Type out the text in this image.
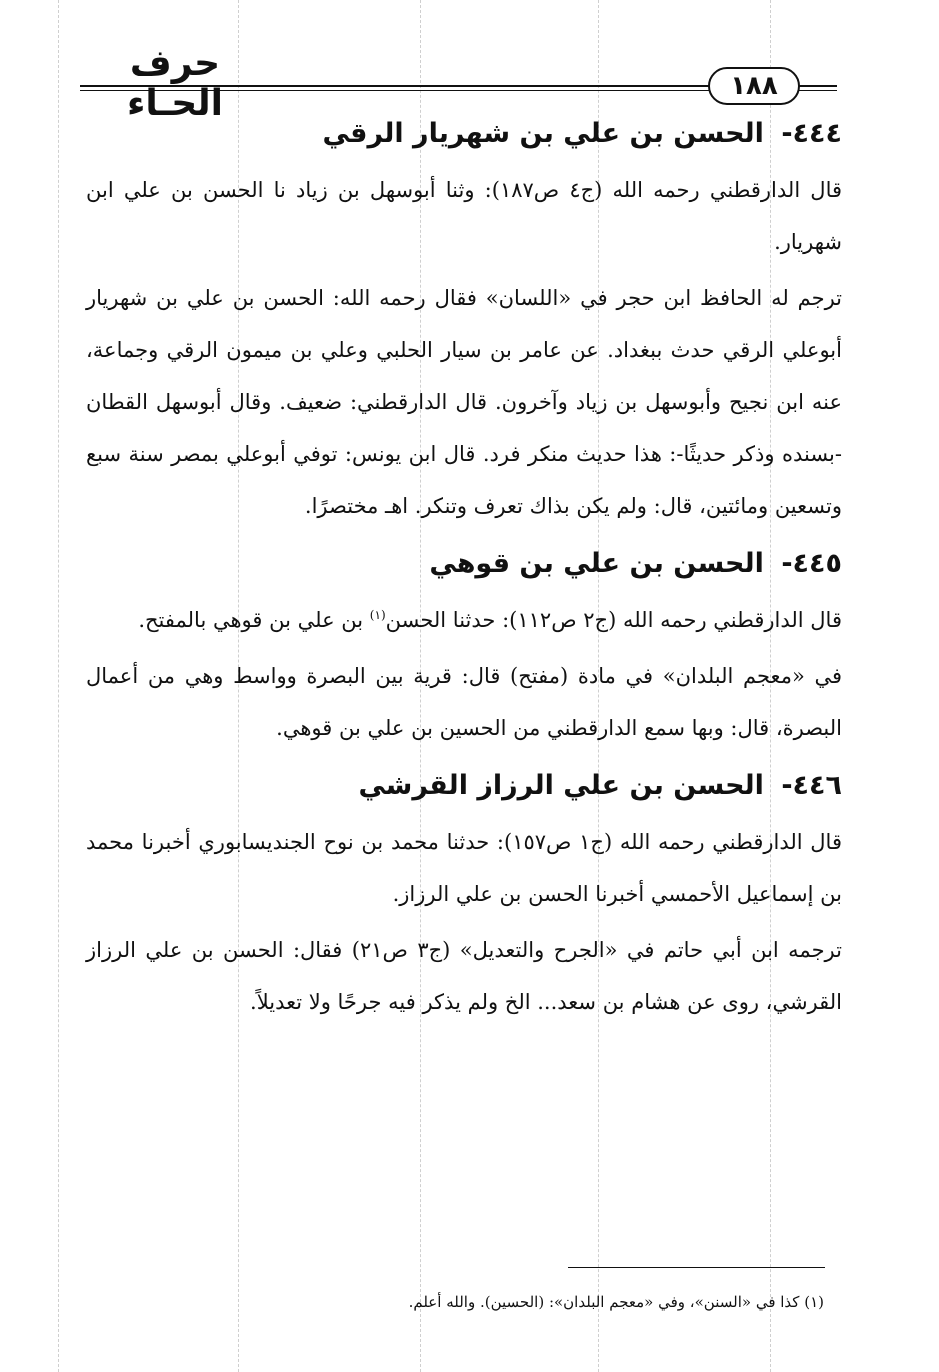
حرف الحـاء	١٨٨
٤٤٤- الحسن بن علي بن شهريار الرقي

قال الدارقطني رحمه الله (ج٤ ص١٨٧): وثنا أبوسهل بن زياد نا الحسن بن علي ابن شهريار.

ترجم له الحافظ ابن حجر في «اللسان» فقال رحمه الله: الحسن بن علي بن شهريار أبوعلي الرقي حدث ببغداد. عن عامر بن سيار الحلبي وعلي بن ميمون الرقي وجماعة، عنه ابن نجيح وأبوسهل بن زياد وآخرون. قال الدارقطني: ضعيف. وقال أبوسهل القطان -بسنده وذكر حديثًا-: هذا حديث منكر فرد. قال ابن يونس: توفي أبوعلي بمصر سنة سبع وتسعين ومائتين، قال: ولم يكن بذاك تعرف وتنكر. اهـ مختصرًا.

٤٤٥- الحسن بن علي بن قوهي

قال الدارقطني رحمه الله (ج٢ ص١١٢): حدثنا الحسن$^{(١)}$ بن علي بن قوهي بالمفتح.

في «معجم البلدان» في مادة (مفتح) قال: قرية بين البصرة وواسط وهي من أعمال البصرة، قال: وبها سمع الدارقطني من الحسين بن علي بن قوهي.

٤٤٦- الحسن بن علي الرزاز القرشي

قال الدارقطني رحمه الله (ج١ ص١٥٧): حدثنا محمد بن نوح الجنديسابوري أخبرنا محمد بن إسماعيل الأحمسي أخبرنا الحسن بن علي الرزاز.

ترجمه ابن أبي حاتم في «الجرح والتعديل» (ج٣ ص٢١) فقال: الحسن بن علي الرزاز القرشي، روى عن هشام بن سعد... الخ ولم يذكر فيه جرحًا ولا تعديلاً.

(١) كذا في «السنن»، وفي «معجم البلدان»: (الحسين). والله أعلم.
